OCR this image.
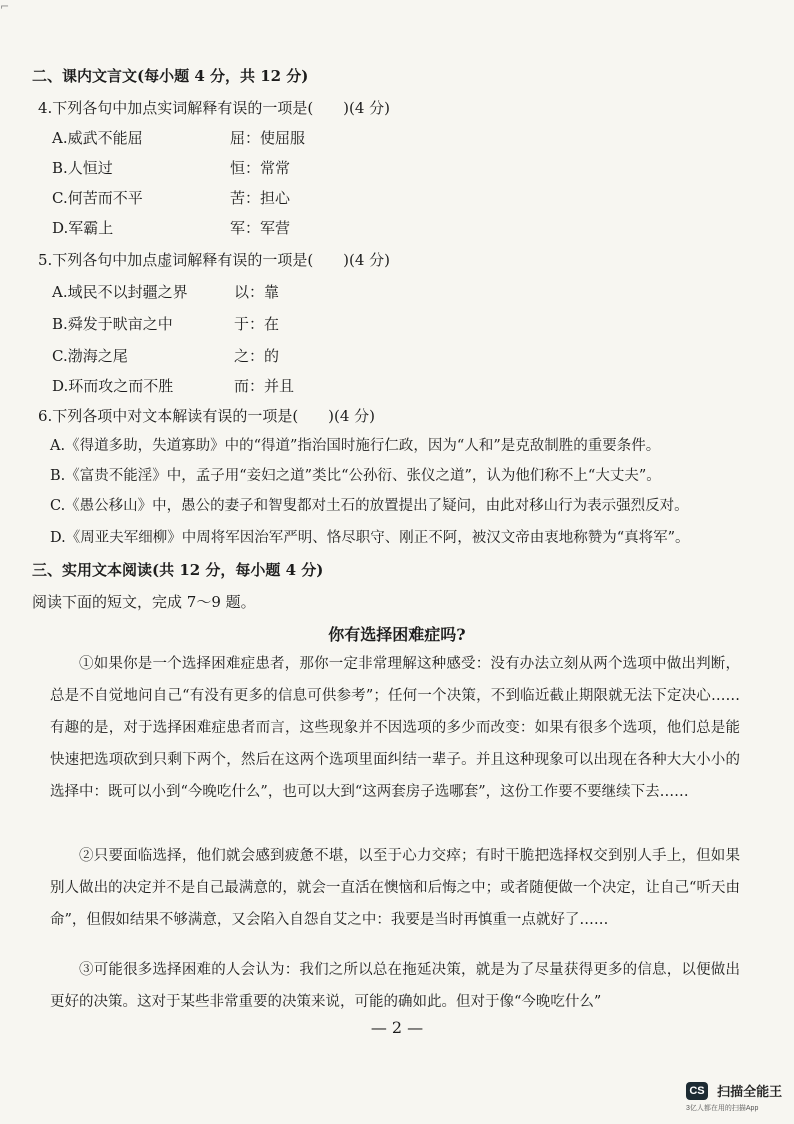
⌐
二、课内文言文(每小题 4 分，共 12 分)
4.下列各句中加点实词解释有误的一项是(　　)(4 分)
A.威武不能屈	屈：使屈服
B.人恒过	恒：常常
C.何苦而不平	苦：担心
D.军霸上	军：军营
5.下列各句中加点虚词解释有误的一项是(　　)(4 分)
A.域民不以封疆之界	以：靠
B.舜发于畎亩之中	于：在
C.渤海之尾	之：的
D.环而攻之而不胜	而：并且
6.下列各项中对文本解读有误的一项是(　　)(4 分)
A.《得道多助，失道寡助》中的“得道”指治国时施行仁政，因为“人和”是克敌制胜的重要条件。
B.《富贵不能淫》中，孟子用“妾妇之道”类比“公孙衍、张仪之道”，认为他们称不上“大丈夫”。
C.《愚公移山》中，愚公的妻子和智叟都对土石的放置提出了疑问，由此对移山行为表示强烈反对。
D.《周亚夫军细柳》中周将军因治军严明、恪尽职守、刚正不阿，被汉文帝由衷地称赞为“真将军”。
三、实用文本阅读(共 12 分，每小题 4 分)
阅读下面的短文，完成 7～9 题。
你有选择困难症吗?

①如果你是一个选择困难症患者，那你一定非常理解这种感受：没有办法立刻从两个选项中做出判断，总是不自觉地问自己“有没有更多的信息可供参考”；任何一个决策，不到临近截止期限就无法下定决心……有趣的是，对于选择困难症患者而言，这些现象并不因选项的多少而改变：如果有很多个选项，他们总是能快速把选项砍到只剩下两个，然后在这两个选项里面纠结一辈子。并且这种现象可以出现在各种大大小小的选择中：既可以小到“今晚吃什么”，也可以大到“这两套房子选哪套”，这份工作要不要继续下去……

②只要面临选择，他们就会感到疲惫不堪，以至于心力交瘁；有时干脆把选择权交到别人手上，但如果别人做出的决定并不是自己最满意的，就会一直活在懊恼和后悔之中；或者随便做一个决定，让自己“听天由命”，但假如结果不够满意，又会陷入自怨自艾之中：我要是当时再慎重一点就好了……

③可能很多选择困难的人会认为：我们之所以总在拖延决策，就是为了尽量获得更多的信息，以便做出更好的决策。这对于某些非常重要的决策来说，可能的确如此。但对于像“今晚吃什么”

— 2 —
CS 扫描全能王
3亿人都在用的扫描App
